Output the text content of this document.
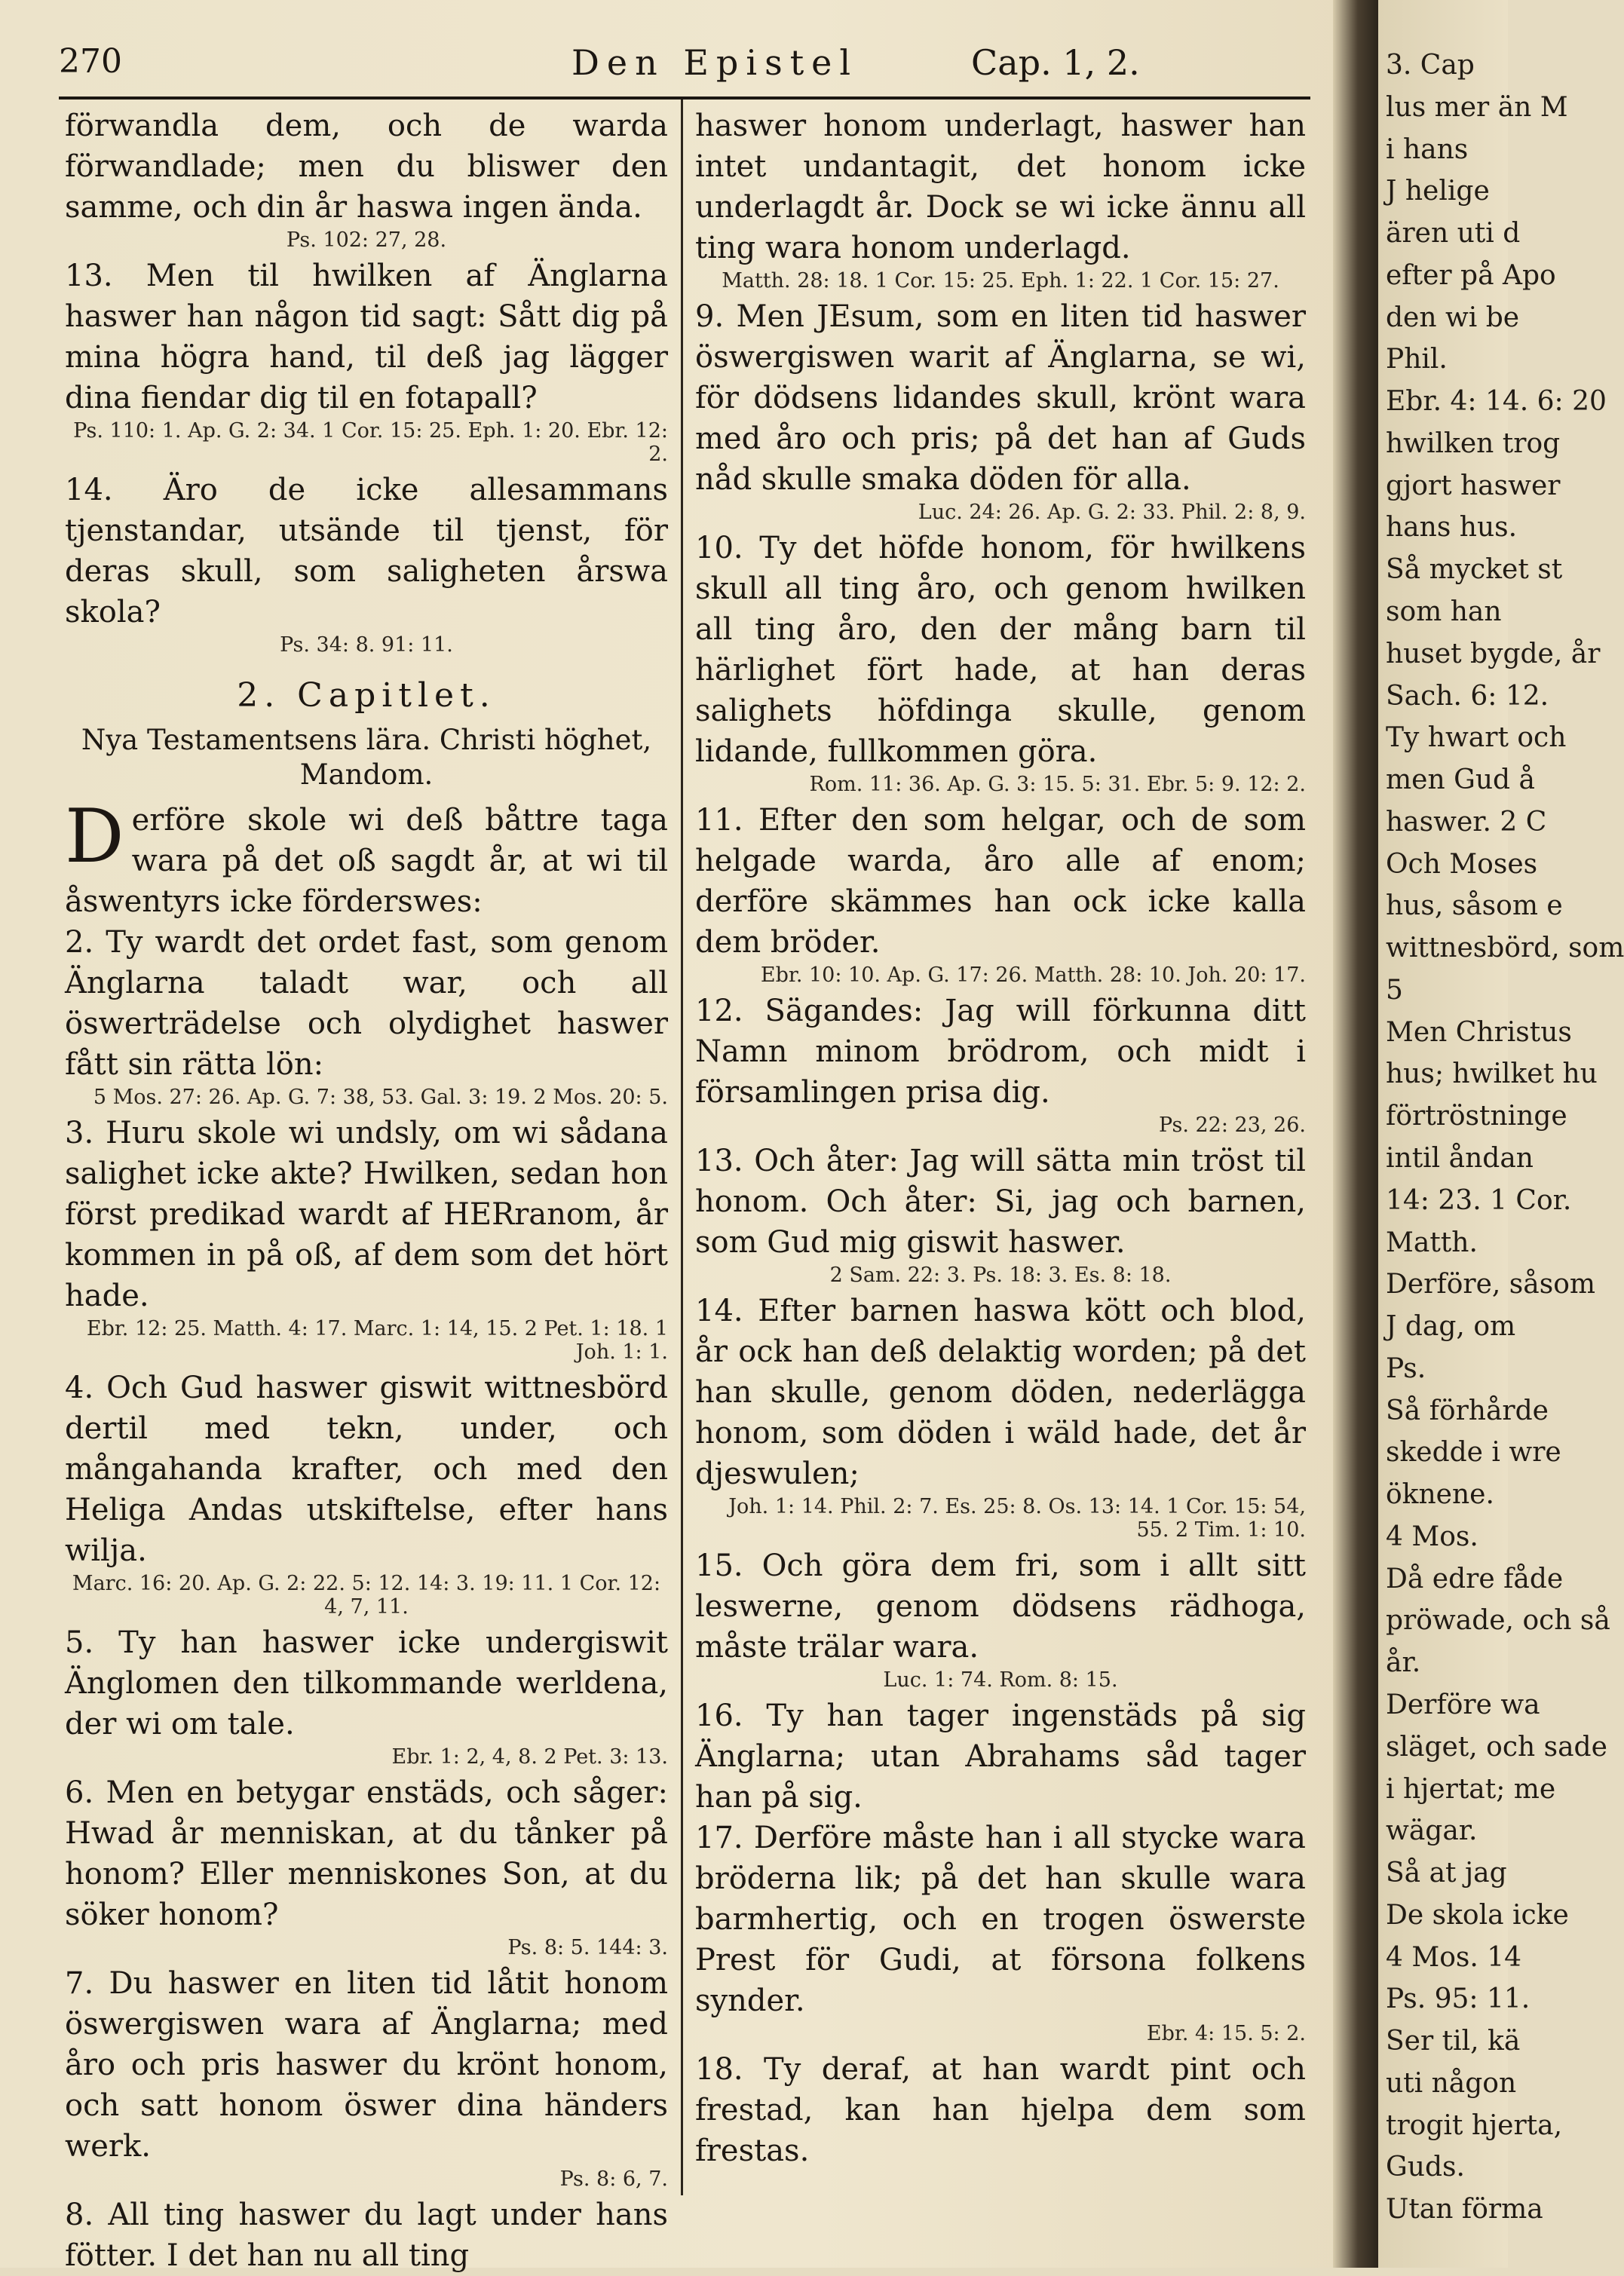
270	Den Epistel	Cap. 1, 2.

förwandla dem, och de warda förwandlade; men du bliswer den samme, och din år haswa ingen ända.

Ps. 102: 27, 28.

13. Men til hwilken af Änglarna haswer han någon tid sagt: Sått dig på mina högra hand, til deß jag lägger dina fiendar dig til en fotapall?

Ps. 110: 1. Ap. G. 2: 34. 1 Cor. 15: 25. Eph. 1: 20. Ebr. 12: 2.

14. Äro de icke allesammans tjenstandar, utsände til tjenst, för deras skull, som saligheten årswa skola?

Ps. 34: 8. 91: 11.
2. Capitlet.
Nya Testamentsens lära. Christi höghet, Mandom.

Derföre skole wi deß båttre taga wara på det oß sagdt år, at wi til åswentyrs icke förderswes:

2. Ty wardt det ordet fast, som genom Änglarna taladt war, och all öswerträdelse och olydighet haswer fått sin rätta lön:

5 Mos. 27: 26. Ap. G. 7: 38, 53. Gal. 3: 19. 2 Mos. 20: 5.

3. Huru skole wi undsly, om wi sådana salighet icke akte? Hwilken, sedan hon först predikad wardt af HERranom, år kommen in på oß, af dem som det hört hade.

Ebr. 12: 25. Matth. 4: 17. Marc. 1: 14, 15. 2 Pet. 1: 18. 1 Joh. 1: 1.

4. Och Gud haswer giswit wittnesbörd dertil med tekn, under, och mångahanda krafter, och med den Heliga Andas utskiftelse, efter hans wilja.

Marc. 16: 20. Ap. G. 2: 22. 5: 12. 14: 3. 19: 11. 1 Cor. 12: 4, 7, 11.

5. Ty han haswer icke undergiswit Änglomen den tilkommande werldena, der wi om tale.

Ebr. 1: 2, 4, 8. 2 Pet. 3: 13.

6. Men en betygar enstäds, och såger: Hwad år menniskan, at du tånker på honom? Eller menniskones Son, at du söker honom?

Ps. 8: 5. 144: 3.

7. Du haswer en liten tid låtit honom öswergiswen wara af Änglarna; med åro och pris haswer du krönt honom, och satt honom öswer dina händers werk.

Ps. 8: 6, 7.

8. All ting haswer du lagt under hans fötter. I det han nu all ting

haswer honom underlagt, haswer han intet undantagit, det honom icke underlagdt år. Dock se wi icke ännu all ting wara honom underlagd.

Matth. 28: 18. 1 Cor. 15: 25. Eph. 1: 22. 1 Cor. 15: 27.

9. Men JEsum, som en liten tid haswer öswergiswen warit af Änglarna, se wi, för dödsens lidandes skull, krönt wara med åro och pris; på det han af Guds nåd skulle smaka döden för alla.

Luc. 24: 26. Ap. G. 2: 33. Phil. 2: 8, 9.

10. Ty det höfde honom, för hwilkens skull all ting åro, och genom hwilken all ting åro, den der mång barn til härlighet fört hade, at han deras salighets höfdinga skulle, genom lidande, fullkommen göra.

Rom. 11: 36. Ap. G. 3: 15. 5: 31. Ebr. 5: 9. 12: 2.

11. Efter den som helgar, och de som helgade warda, åro alle af enom; derföre skämmes han ock icke kalla dem bröder.

Ebr. 10: 10. Ap. G. 17: 26. Matth. 28: 10. Joh. 20: 17.

12. Sägandes: Jag will förkunna ditt Namn minom brödrom, och midt i församlingen prisa dig.

Ps. 22: 23, 26.

13. Och åter: Jag will sätta min tröst til honom. Och åter: Si, jag och barnen, som Gud mig giswit haswer.

2 Sam. 22: 3. Ps. 18: 3. Es. 8: 18.

14. Efter barnen haswa kött och blod, år ock han deß delaktig worden; på det han skulle, genom döden, nederlägga honom, som döden i wäld hade, det år djeswulen;

Joh. 1: 14. Phil. 2: 7. Es. 25: 8. Os. 13: 14. 1 Cor. 15: 54, 55. 2 Tim. 1: 10.

15. Och göra dem fri, som i allt sitt leswerne, genom dödsens rädhoga, måste trälar wara.

Luc. 1: 74. Rom. 8: 15.

16. Ty han tager ingenstäds på sig Änglarna; utan Abrahams såd tager han på sig.

17. Derföre måste han i all stycke wara bröderna lik; på det han skulle wara barmhertig, och en trogen öswerste Prest för Gudi, at försona folkens synder.

Ebr. 4: 15. 5: 2.

18. Ty deraf, at han wardt pint och frestad, kan han hjelpa dem som frestas.

3. Cap
lus mer än M
i hans
J helige
ären uti d
efter på Apo
den wi be
Phil.
Ebr. 4: 14. 6: 20
hwilken trog
gjort haswer
hans hus.
Så mycket st
som han
huset bygde, år
Sach. 6: 12.
Ty hwart och
men Gud å
haswer. 2 C
Och Moses
hus, såsom e
wittnesbörd, som
5
Men Christus
hus; hwilket hu
förtröstninge
intil åndan
14: 23. 1 Cor.
Matth.
Derföre, såsom
J dag, om
Ps.
Så förhårde
skedde i wre
öknene.
4 Mos.
Då edre fåde
pröwade, och så
år.
Derföre wa
släget, och sade
i hjertat; me
wägar.
Så at jag
De skola icke
4 Mos. 14
Ps. 95: 11.
Ser til, kä
uti någon
trogit hjerta,
Guds.
Utan förma
